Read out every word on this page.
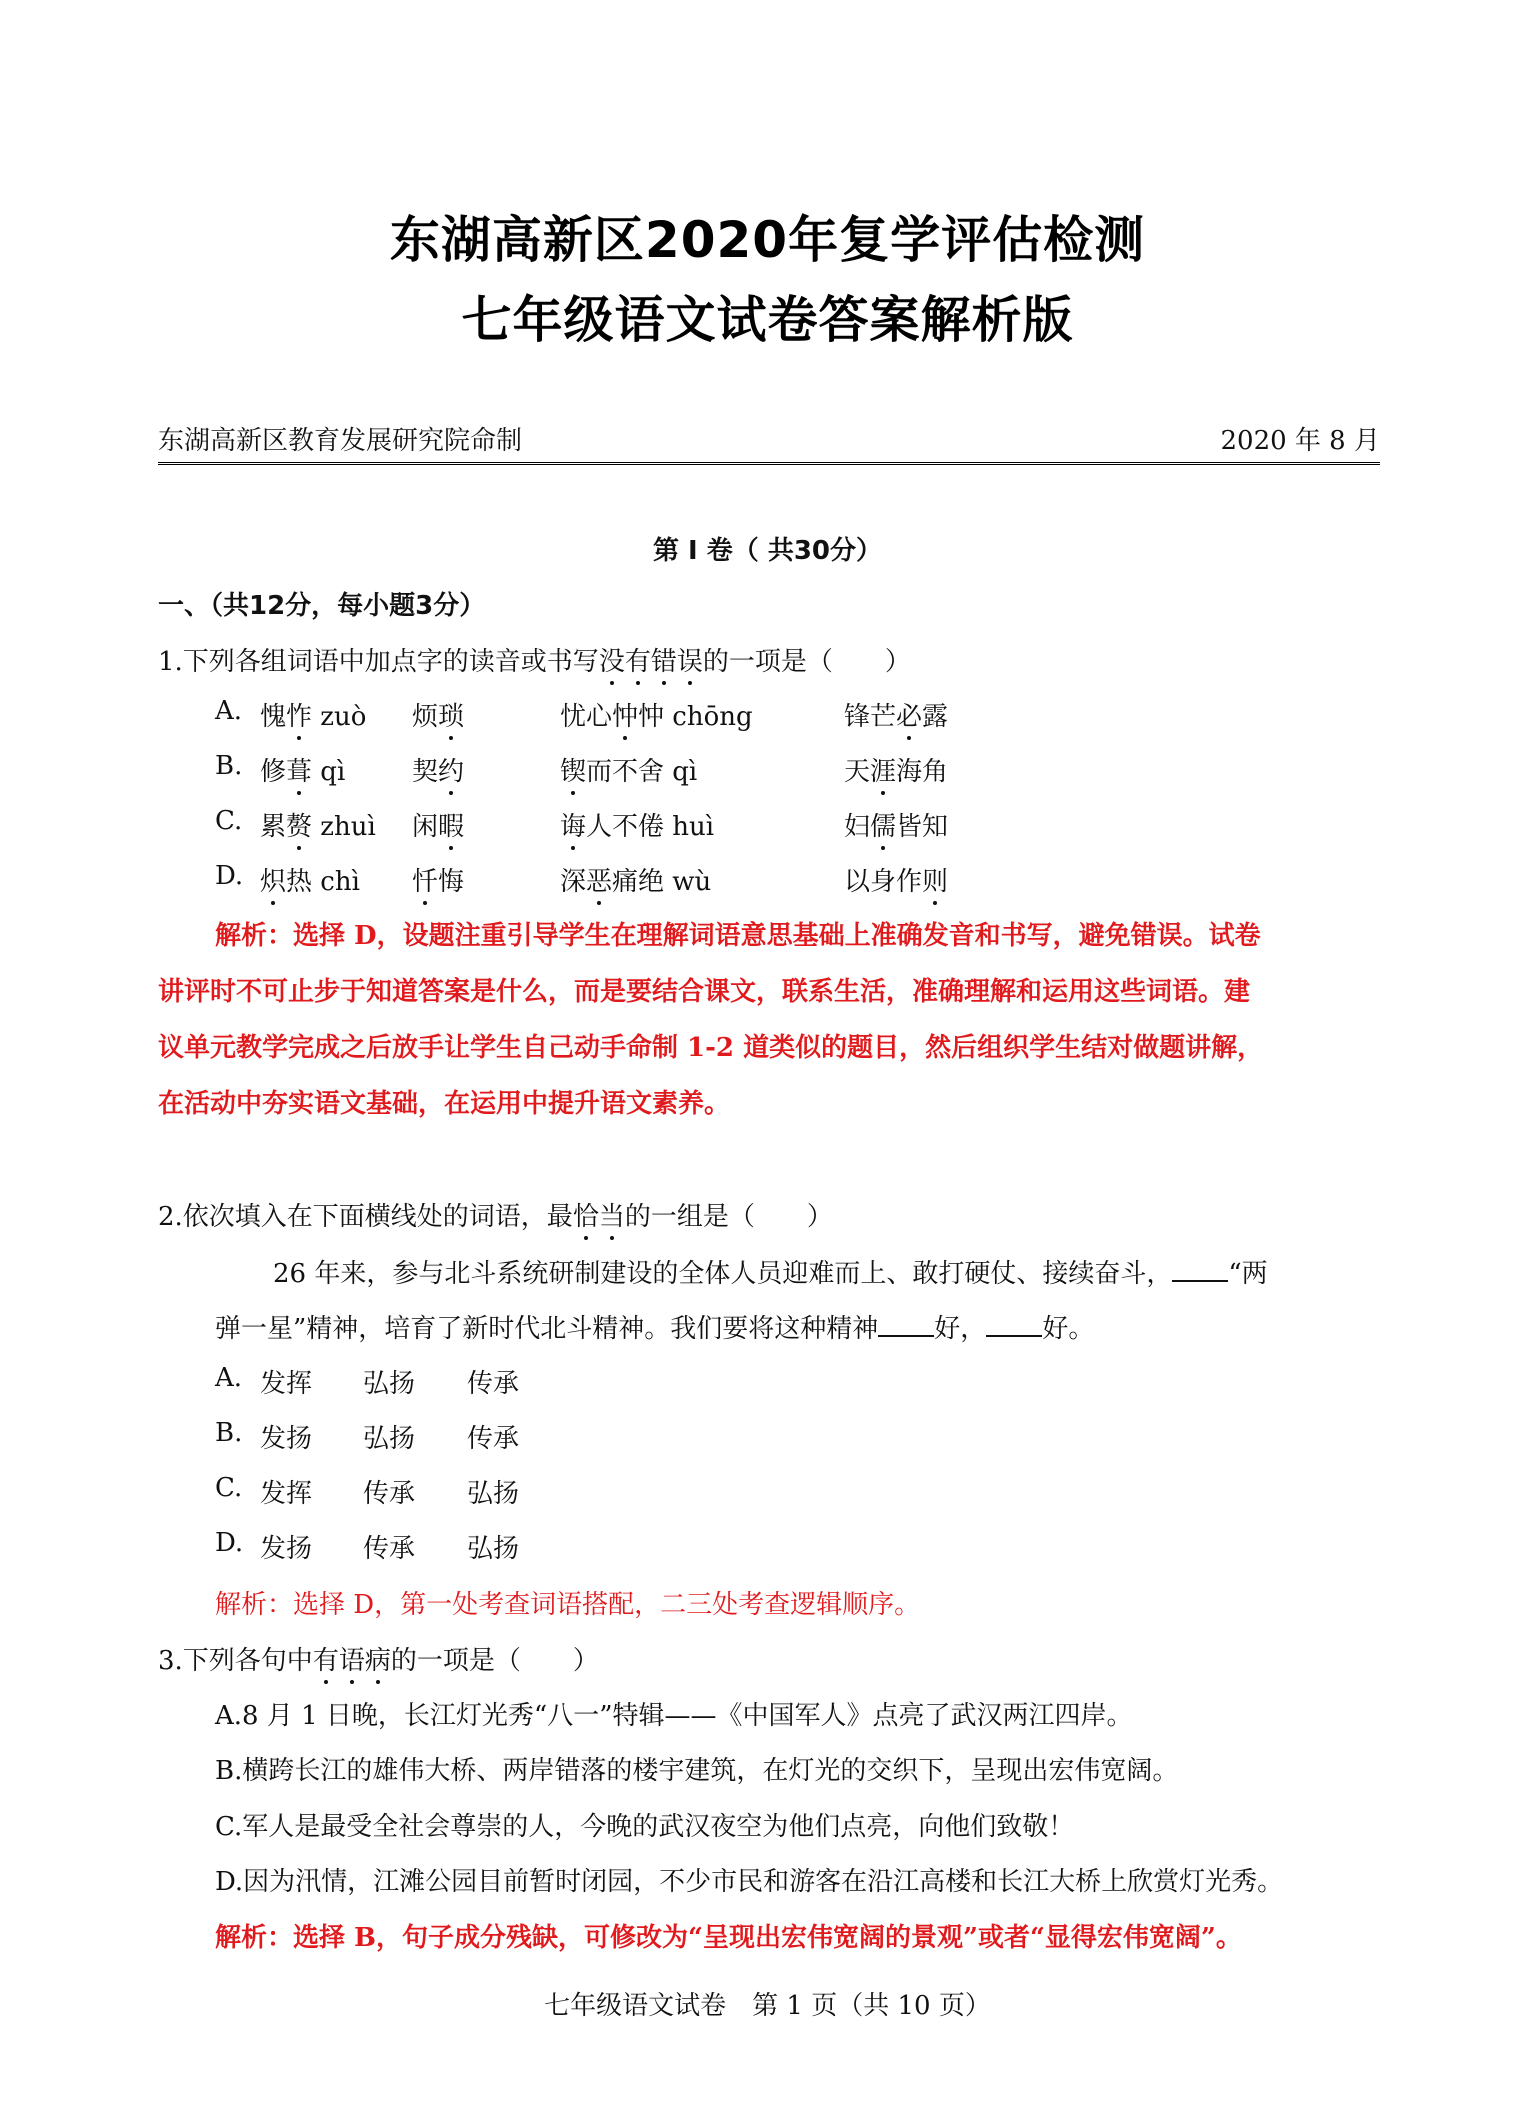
东湖高新区2020年复学评估检测
七年级语文试卷答案解析版
东湖高新区教育发展研究院命制	2020 年 8 月
第 I 卷（ 共30分）
一、（共12分，每小题3分）
1.下列各组词语中加点字的读音或书写没有错误的一项是（　　）
A. 愧怍 zuò 烦琐	忧心忡忡 chōng	锋芒必露
B. 修葺 qì	契约	锲而不舍 qì	天涯海角
C. 累赘 zhuì 闲暇	诲人不倦 huì	妇儒皆知
D. 炽热 chì 忏悔	深恶痛绝 wù	以身作则
解析：选择 D，设题注重引导学生在理解词语意思基础上准确发音和书写，避免错误。试卷
讲评时不可止步于知道答案是什么，而是要结合课文，联系生活，准确理解和运用这些词语。建
议单元教学完成之后放手让学生自己动手命制 1-2 道类似的题目，然后组织学生结对做题讲解，
在活动中夯实语文基础，在运用中提升语文素养。
2.依次填入在下面横线处的词语，最恰当的一组是（　　）
26 年来，参与北斗系统研制建设的全体人员迎难而上、敢打硬仗、接续奋斗， “两
弹一星”精神，培育了新时代北斗精神。我们要将这种精神 好， 好。
A. 发挥 弘扬 传承
B. 发扬 弘扬 传承
C. 发挥 传承 弘扬
D. 发扬 传承 弘扬
解析：选择 D，第一处考查词语搭配，二三处考查逻辑顺序。
3.下列各句中有语病的一项是（　　）
A.8 月 1 日晚，长江灯光秀“八一”特辑——《中国军人》点亮了武汉两江四岸。
B.横跨长江的雄伟大桥、两岸错落的楼宇建筑，在灯光的交织下，呈现出宏伟宽阔。
C.军人是最受全社会尊崇的人，今晚的武汉夜空为他们点亮，向他们致敬！
D.因为汛情，江滩公园目前暂时闭园，不少市民和游客在沿江高楼和长江大桥上欣赏灯光秀。
解析：选择 B，句子成分残缺，可修改为“呈现出宏伟宽阔的景观”或者“显得宏伟宽阔”。
七年级语文试卷　第 1 页（共 10 页）
